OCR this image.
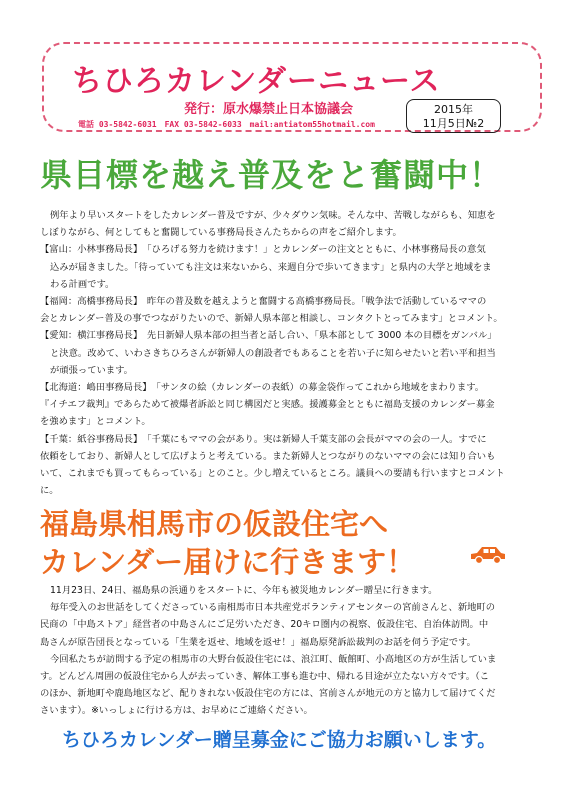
ちひろカレンダーニュース
発行：原水爆禁止日本協議会
電話 03-5842-6031　FAX 03-5842-6033　mail:antiatom55hotmail.com
2015年
11月5日№2
県目標を越え普及をと奮闘中！

例年より早いスタートをしたカレンダー普及ですが、少々ダウン気味。そんな中、苦戦しながらも、知恵を

しぼりながら、何としてもと奮闘している事務局長さんたちからの声をご紹介します。

【富山：小林事務局長】　「ひろげる努力を続けます！」とカレンダーの注文とともに、小林事務局長の意気

込みが届きました。「待っていても注文は来ないから、来週自分で歩いてきます」と県内の大学と地域をま

わる計画です。

【福岡：高橋事務局長】　昨年の普及数を越えようと奮闘する高橋事務局長。「戦争法で活動しているママの

会とカレンダー普及の事でつながりたいので、新婦人県本部と相談し、コンタクトとってみます」とコメント。

【愛知：横江事務局長】　先日新婦人県本部の担当者と話し合い、「県本部として 3000 本の目標をガンバル」

と決意。改めて、いわさきちひろさんが新婦人の創設者でもあることを若い子に知らせたいと若い平和担当

が頑張っています。

【北海道：嶋田事務局長】　「サンタの絵（カレンダーの表紙）の募金袋作ってこれから地域をまわります。

『イチエフ裁判』であらためて被爆者訴訟と同じ構図だと実感。援護募金とともに福島支援のカレンダー募金

を強めます」とコメント。

【千葉：紙谷事務局長】　「千葉にもママの会があり。実は新婦人千葉支部の会長がママの会の一人。すでに

依頼をしており、新婦人として広げようと考えている。また新婦人とつながりのないママの会には知り合いも

いて、これまでも買ってもらっている」とのこと。少し増えているところ。議員への要請も行いますとコメント

に。

福島県相馬市の仮設住宅へ
カレンダー届けに行きます！

11月23日、24日、福島県の浜通りをスタートに、今年も被災地カレンダー贈呈に行きます。

毎年受入のお世話をしてくださっている南相馬市日本共産党ボランティアセンターの宮前さんと、新地町の

民商の「中島ストア」経営者の中島さんにご足労いただき、20キロ圏内の視察、仮設住宅、自治体訪問。中

島さんが原告団長となっている「生業を返せ、地域を返せ！」福島原発訴訟裁判のお話を伺う予定です。

今回私たちが訪問する予定の相馬市の大野台仮設住宅には、浪江町、飯館町、小高地区の方が生活していま

す。どんどん周囲の仮設住宅から人が去っていき、解体工事も進む中、帰れる目途が立たない方々です。（こ

のほか、新地町や鹿島地区など、配りきれない仮設住宅の方には、宮前さんが地元の方と協力して届けてくだ

さいます）。※いっしょに行ける方は、お早めにご連絡ください。

ちひろカレンダー贈呈募金にご協力お願いします。
